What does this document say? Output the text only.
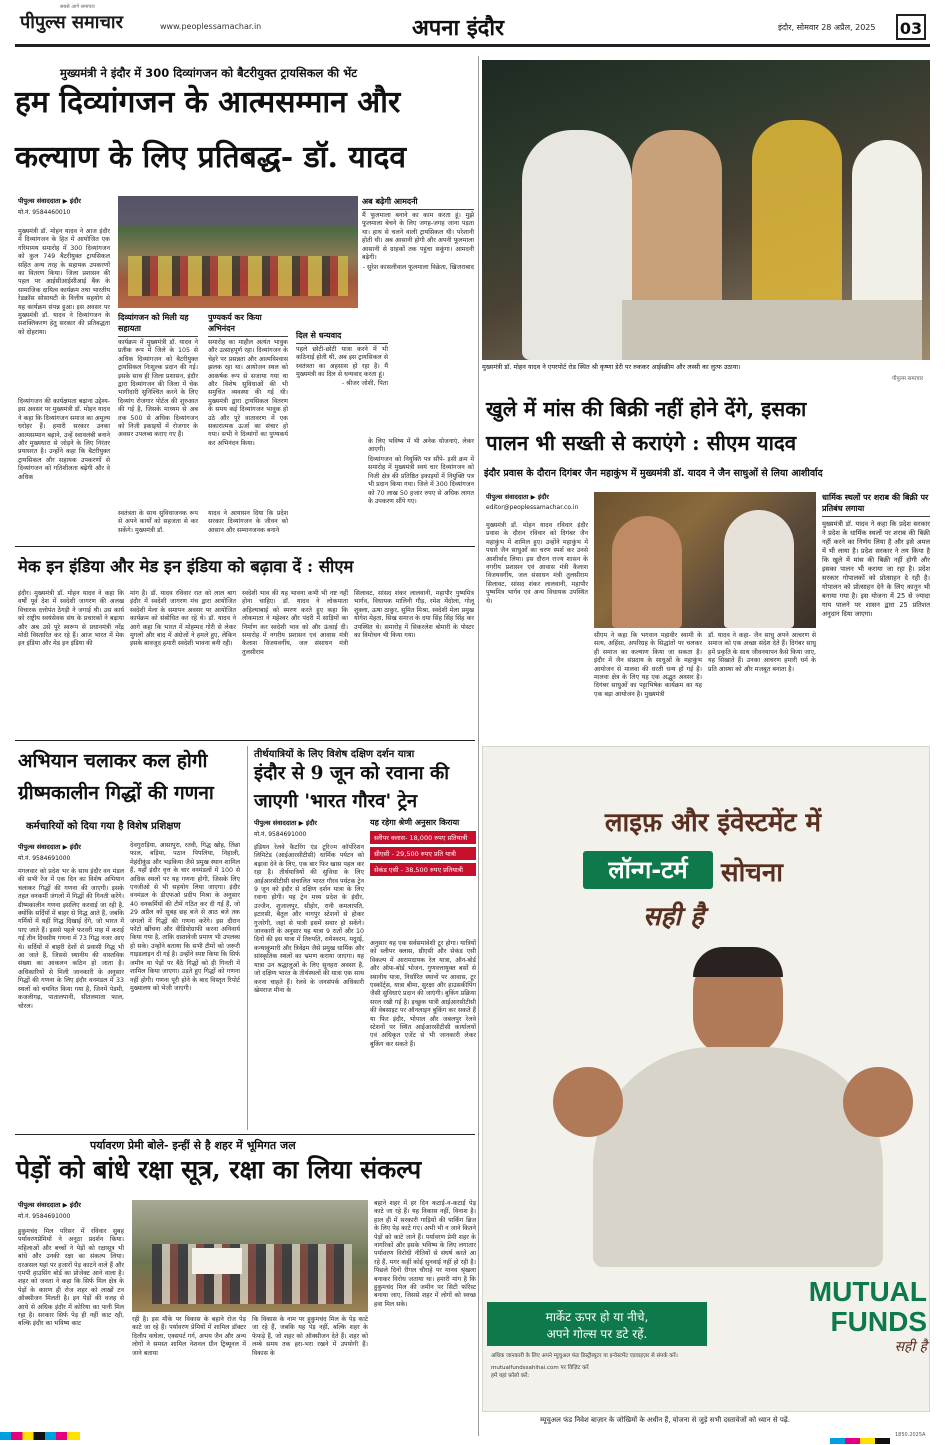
सबसे आगे समाचार
पीपुल्स समाचार	www.peoplessamachar.in	अपना इंदौर	इंदौर, सोमवार 28 अप्रैल, 2025 03
मुख्यमंत्री ने इंदौर में 300 दिव्यांगजन को बैटरीयुक्त ट्रायसिकल की भेंट
हम दिव्यांगजन के आत्मसम्मान और
कल्याण के लिए प्रतिबद्ध- डॉ. यादव
पीपुल्स संवाददाता ▶ इंदौर
मो.नं. 9584460010
मुख्यमंत्री डॉ. मोहन यादव ने आज इंदौर में दिव्यांगजन के हित में आयोजित एक गरिमामय समारोह में 300 दिव्यांगजन को कुल 749 बैटरीयुक्त ट्रायसिकल सहित अन्य तरह के सहायक उपकरणों का वितरण किया। जिला प्रशासन की पहल पर आईसीआईसीआई बैंक के सामाजिक दायित्व कार्यक्रम तथा भारतीय रेडक्रॉस सोसायटी के वित्तीय सहयोग से यह कार्यक्रम संपन्न हुआ। इस अवसर पर मुख्यमंत्री डॉ. यादव ने दिव्यांगजन के सशक्तिकरण हेतु सरकार की प्रतिबद्धता को दोहराया।
दिव्यांगजन की कार्यक्षमता बढ़ाना उद्देश्य- इस अवसर पर मुख्यमंत्री डॉ. मोहन यादव ने कहा कि दिव्यांगजन समाज का अमूल्य धरोहर हैं। हमारी सरकार उनका आत्मसम्मान बढ़ाने, उन्हें स्वावलंबी बनाने और मुख्यधारा से जोड़ने के लिए निरंतर प्रयासरत है। उन्होंने कहा कि बैटरीयुक्त ट्रायसिकल और सहायक उपकरणों से दिव्यांगजन को गतिशीलता बढ़ेगी और वे अधिक
अब बढ़ेगी आमदनी
मैं फूलमाला बनाने का काम करता हूं। मुझे फूलमाला बेचने के लिए जगह-जगह जाना पड़ता था। हाथ से चलने वाली ट्रायसिकल थी। परेशानी होती थी। अब आसानी होगी और अपनी फूलमाला आसानी से ग्राहकों तक पहुंचा सकूंगा। आमदनी बढ़ेगी।
- सुरेश कासलीवाल फूलमाला विक्रेता, खिजराबाद
दिव्यांगजन को मिली यह सहायता
कार्यक्रम में मुख्यमंत्री डॉ. यादव ने प्रतीक रूप में जिले के 105 से अधिक दिव्यांगजन को बैटरीयुक्त ट्रायसिकल निःशुल्क प्रदान की गई। इसके साथ ही जिला प्रशासन, इंदौर द्वारा दिव्यांगजन की जिला में चेक भागीदारी सुनिश्चित करने के लिए दिव्यांग रोजगार पोर्टल की शुरुआत की गई है, जिसके माध्यम से अब तक 500 से अधिक दिव्यांगजन को निजी इकाइयों में रोजगार के अवसर उपलब्ध कराए गए हैं।
स्वतंत्रता के साथ सुविधाजनक रूप से अपने कार्यों को सहजता से कर सकेंगे। मुख्यमंत्री डॉ.
पुण्यकर्य कर किया अभिनंदन
समारोह का माहौल अत्यंत भावुक और उत्साहपूर्ण रहा। दिव्यांगजन के चेहरे पर प्रसन्नता और आत्मविश्वास झलक रहा था। आयोजन स्थल को आकर्षक रूप से सजाया गया था और विशेष सुविधाओं की भी समुचित व्यवस्था की गई थी। मुख्यमंत्री द्वारा ट्रायसिकल वितरण के समय कई दिव्यांगजन भावुक हो उठे और पूरे वातावरण में एक सकारात्मक ऊर्जा का संचार हो गया। सभी ने दिव्यांगों का पुण्यकर्य कर अभिनंदन किया।
यादव ने आयासन दिया कि प्रदेश सरकार दिव्यांगजन के जीवन को आसान और सम्मानजनक बनाने
दिल से धन्यवाद
पहले छोटी-छोटी यात्रा करने में भी कठिनाई होती थी, अब इस ट्रायसिकल से स्वतंत्रता का अहसास हो रहा है। मैं मुख्यमंत्री का दिल से धन्यवाद करता हूं।
- श्रीजर जोशी, पिता
के लिए भविष्य में भी अनेक योजनाएं, लेकर आएगी।
दिव्यांगजन को नियुक्ति पत्र सौंपे- इसी क्रम में समारोह में मुख्यमंत्री स्वयं चार दिव्यांगजन को निजी क्षेत्र की प्रतिष्ठित इकाइयों में नियुक्ति पत्र भी प्रदान किया गया। जिले में 300 दिव्यांगजन को 70 लाख 50 हजार रुपए से अधिक लागत के उपकरण सौंपे गए।
मुख्यमंत्री डॉ. मोहन यादव ने एयरपोर्ट रोड स्थित श्री कृष्णा डेरी पर रुककर आईस्क्रीम और लस्सी का लुत्फ उठाया।
पीपुल्स समाचार
खुले में मांस की बिक्री नहीं होने देंगे, इसका
पालन भी सख्ती से कराएंगे : सीएम यादव
इंदौर प्रवास के दौरान दिगंबर जैन महाकुंभ में मुख्यमंत्री डॉ. यादव ने जैन साधुओं से लिया आशीर्वाद
पीपुल्स संवाददाता ▶ इंदौर
editor@peoplessamachar.co.in
मुख्यमंत्री डॉ. मोहन यादव रविवार इंदौर प्रवास के दौरान रविवार को दिगंबर जैन महाकुंभ में शामिल हुए। उन्होंने महाकुंभ में पधारे जैन साधुओं का चरण स्पर्श कर उनसे आशीर्वाद लिया। इस दौरान राज्य शासन के नगरीय प्रशासन एवं आवास मंत्री कैलाश विजयवर्गीय, जल संसाधन मंत्री तुलसीराम सिलावट, सांसद शंकर लालवानी, महापौर पुष्यमित्र भार्गव एवं अन्य विधायक उपस्थित थे।
सीएम ने कहा कि भगवान महावीर स्वामी के सत्य, अहिंसा, अपरिग्रह के सिद्धांतों पर चलकर ही समाज का कल्याण किया जा सकता है। इंदौर में जैन संप्रदाय के साधुओं के महाकुंभ आयोजन से मालवा की धरती धन्य हो गई है। मालवा क्षेत्र के लिए यह एक अद्भुत अवसर है। दिगंबर साधुओं का पट्टाभिषेक कार्यक्रम का यह एक बड़ा आयोजन है। मुख्यमंत्री
डॉ. यादव ने कहा- जैन साधु अपने आचरण से समाज को एक अच्छा संदेश देते हैं। दिगंबर साधु हमें प्रकृति के साथ जीवनयापन कैसे किया जाए, यह सिखाते हैं। उनका आचरण हमारी धर्म के प्रति आस्था को और मजबूत बनाता है।
धार्मिक स्थलों पर शराब की बिक्री पर प्रतिबंध लगाया
मुख्यमंत्री डॉ. यादव ने कहा कि प्रदेश सरकार ने प्रदेश के धार्मिक स्थलों पर शराब की बिक्री नहीं करने का निर्णय लिया है और इसे अमल में भी लाया है। प्रदेश सरकार ने तय किया है कि खुले में मांस की बिक्री नहीं होगी और इसका पालन भी कराया जा रहा है। प्रदेश सरकार गोपालकों को प्रोत्साहन दे रही है। गोपालन को प्रोत्साहन देने के लिए कानून भी बनाया गया है। इस योजना में 25 से ज्यादा गाय पालने पर शासन द्वारा 25 प्रतिशत अनुदान दिया जाएगा।
मेक इन इंडिया और मेड इन इंडिया को बढ़ावा दें : सीएम
इंदौर। मुख्यमंत्री डॉ. मोहन यादव ने कहा कि वर्षों पूर्व देश में स्वदेशी जागरण की अलख विचारक दत्तोपंत ठेंगड़ी ने जगाई थी। उस कार्य को राष्ट्रीय स्वयंसेवक संघ के प्रचारकों ने बढ़ाया और अब उसे पूरे स्वरूप से प्रधानमंत्री नरेंद्र मोदी विस्तारित कर रहे हैं। आज भारत में मेक इन इंडिया और मेड इन इंडिया की
मांग है। डॉ. यादव रविवार रात को लाल बाग इंदौर में स्वदेशी जागरण मंच द्वारा आयोजित स्वदेशी मेला के समापन अवसर पर आयोजित कार्यक्रम को संबोधित कर रहे थे। डॉ. यादव ने आगे कहा कि भारत में मोहम्मद गोरी से लेकर मुगलों और बाद में अंग्रेजों ने हमले हुए, लेकिन इसके बावजूद हमारी स्वदेशी भावना बनी रही।
स्वदेशी भाव की यह भावना कभी भी नष्ट नहीं होना चाहिए। डॉ. यादव ने लोकमाता अहिल्याबाई को स्मरण करते हुए कहा कि लोकमाता ने महेश्वर और पंदरी में साड़ियों का निर्माण कर स्वदेशी भाव को और ऊंचाई दी। समारोह में नगरीय प्रशासन एवं आवास मंत्री कैलाश विजयवर्गीय, जल संसाधन मंत्री तुलसीराम
सिलावट, सांसद शंकर लालवानी, महापौर पुष्यमित्र भार्गव, विधायक मालिनी गौड़, रमेश मेंदोला, गोलू शुक्ला, ऊषा ठाकुर, सुमित मिश्रा, स्वदेशी मेला प्रमुख योगेश मेहता, सिख समाज के दया सिंह सिंह सिंह कर उपस्थित थे। समारोह में सिकरलेश बोमारी के पोस्टर का विमोचन भी किया गया।
अभियान चलाकर कल होगी
ग्रीष्मकालीन गिद्धों की गणना
कर्मचारियों को दिया गया है विशेष प्रशिक्षण
पीपुल्स संवाददाता ▶ इंदौर
मो.नं. 9584691000
मंगलवार को प्रदेश भर के साथ इंदौर वन मंडल की सभी रेंज में एक दिन का विशेष अभियान चलाकर गिद्धों की गणना की जाएगी। इसके तहत वनकर्मी जंगलों में गिद्धों की गिनती करेंगे। ग्रीष्मकालीन गणना इसलिए करवाई जा रही है, क्योंकि सर्दियों में बाहर से गिद्ध आते हैं, जबकि गर्मियों में यहीं गिद्ध दिखाई देंगे, जो भारत में पाए जाते हैं। इससे पहले फरवरी माह में कराई गई तीन दिवसीय गणना में 73 गिद्ध नजर आए थे। सर्दियों में बाहरी देशों से प्रवासी गिद्ध भी आ जाते हैं, जिससे स्थानीय की वास्तविक संख्या का आकलन कठिन हो जाता है। अधिकारियों से मिली जानकारी के अनुसार गिद्धों की गणना के लिए इंदौर वनमंडल में 33 स्थलों को चयनित किया गया है, जिनमें पेडमी, कजलीगढ़, पातालपानी, सीतलमाता फाल, चोरल।
देवगुराड़िया, आसापुरा, रतवी, गिद्ध खोह, तिंछा फाल, बड़िया, पठान पिपलिया, निहाली, मेहंदीकुंड और भड़किया जैसे प्रमुख स्थान शामिल हैं, यहाँ इंदौर वृत्त के चार वनमंडलों में 100 से अधिक स्थलों पर यह गणना होगी, जिसके लिए एनजीओ से भी सहयोग लिया जाएगा। इंदौर वनमंडल के डीएफओ प्रदीप मिश्रा के अनुसार 40 वनकर्मियों की टीमें गठित कर दी गई हैं, जो 29 अप्रैल को सुबह छह बजे से आठ बजे तक जंगलों में गिद्धों की गणना करेंगे। इस दौरान फोटो खींचना और वीडियोग्राफी करना अनिवार्य किया गया है, ताकि दस्तावेजी प्रमाण भी उपलब्ध हो सके। उन्होंने बताया कि सभी टीमों को जरूरी गाइडलाइन दी गई है। उन्होंने स्पष्ट किया कि सिर्फ जमीन या पेड़ों पर बैठे गिद्धों को ही गिनती में शामिल किया जाएगा। उड़ते हुए गिद्धों को गणना नहीं होगी। गणना पूरी होने के बाद विस्तृत रिपोर्ट मुख्यालय को भेजी जाएगी।
तीर्थयात्रियों के लिए विशेष दक्षिण दर्शन यात्रा
इंदौर से 9 जून को रवाना की
जाएगी 'भारत गौरव' ट्रेन
पीपुल्स संवाददाता ▶ इंदौर
मो.नं. 9584691000
यह रहेगा श्रेणी अनुसार किराया
स्लीपर क्लास- 18,000 रुपए प्रतियात्री
थ्रीएसी - 29,500 रुपए प्रति यात्री
सेकंड एसी - 38,500 रुपए प्रतियात्री
इंडियन रेलवे कैटरिंग एंड टूरिज्म कॉर्पोरेशन लिमिटेड (आईआरसीटीसी) धार्मिक पर्यटन को बढ़ावा देने के लिए, एक बार फिर खास पहल कर रहा है। तीर्थयात्रियों की सुविधा के लिए आईआरसीटीसी संचालित भारत गौरव पर्यटक ट्रेन 9 जून को इंदौर से दक्षिण दर्शन यात्रा के लिए रवाना होगी। यह ट्रेन मध्य प्रदेश के इंदौर, उज्जैन, शुजालपुर, सीहोर, रानी कमलापति, इटारसी, बैतूल और नागपुर स्टेशनों से होकर गुजरेगी, जहां से यात्री इसमें सवार हो सकेंगे। जानकारी के अनुसार यह यात्रा 9 रातों और 10 दिनों की इस यात्रा में तिरुपति, रामेश्वरम, मदुरई, कन्याकुमारी और त्रिवेंद्रम जैसे प्रमुख धार्मिक और सांस्कृतिक स्थलों का भ्रमण कराया जाएगा। यह यात्रा उन श्रद्धालुओं के लिए सुनहरा अवसर है, जो दक्षिण भारत के तीर्थस्थलों की यात्रा एक साथ करना चाहते हैं। रेलवे के जनसंपर्क अधिकारी खेमराज मीना के
अनुसार यह एक सर्वसमावेशी टूर होगा। यात्रियों को स्लीपर क्लास, थ्रीएसी और सेकंड एसी विकल्प में आरामदायक रेल यात्रा, ऑन-बोर्ड और ऑफ-बोर्ड भोजन, गुणवत्तायुक्त बसों से स्थानीय यात्रा, निर्धारित स्थानों पर आवास, टूर एस्कॉर्ट्स, यात्रा बीमा, सुरक्षा और हाउसकीपिंग जैसी सुविधाएं प्रदान की जाएंगी। बुकिंग प्रक्रिया सरल रखी गई है। इच्छुक यात्री आईआरसीटीसी की वेबसाइट पर ऑनलाइन बुकिंग कर सकते हैं या फिर इंदौर, भोपाल और जबलपुर रेलवे स्टेशनों पर स्थित आईआरसीटीसी कार्यालयों एवं अधिकृत एजेंट से भी जानकारी लेकर बुकिंग कर सकते हैं।
पर्यावरण प्रेमी बोले- इन्हीं से है शहर में भूमिगत जल
पेड़ों को बांधे रक्षा सूत्र, रक्षा का लिया संकल्प
पीपुल्स संवाददाता ▶ इंदौर
मो.नं. 9584691000
हुकुमचंद मिल परिसर में रविवार सुबह पर्यावरणप्रेमियों ने अनूठा प्रदर्शन किया। महिलाओं और बच्चों ने पेड़ों को रक्षासूत्र भी बांधे और उनकी रक्षा का संकल्प लिया। दरअसल यहां पर हजारों पेड़ काटने वाले हैं और एमपी हाउसिंग बोर्ड का प्रोजेक्ट आने वाला है। शहर को जनता ने कहा कि सिर्फ मिल क्षेत्र के पेड़ों के कारण ही रोज शहर को लाखों टन ऑक्सीजन मिलती है। इन पेड़ों की वजह से आधे से अधिक इंदौर में कोरिया का पानी मिल रहा है। सरकार सिर्फ पेड़ ही नहीं काट रही, बल्कि इंदौर का भविष्य काट
रही है। इस मौके पर विकास के बहाने रोज पेड़ काटे जा रहे हैं। पर्यावरण प्रेमियों में शामिल डॉक्टर दिलीप वाघेला, एक्सपर्ट गर्ग, अभय जैन और अन्य लोगों ने समस्त शामिल नेशनल ग्रीन ट्रिब्यूनल में जाने बताया
कि विकास के नाम पर हुकुमचंद मिल के पेड़ काटे जा रहे हैं, जबकि यह पेड़ नहीं, बल्कि शहर के फेफड़े हैं, जो शहर को ऑक्सीजन देते हैं। शहर को लम्बे समय तक हरा-भरा रखने में उपयोगी हैं। विकास के
बहाने शहर में हर दिन कटाई-न-कटाई पेड़ काटे जा रहे हैं। यह विकास नहीं, विनाश है। हाल ही में सरकारी गाड़ियों की पार्किंग ब्रिज के लिए पेड़ काटे गए। अभी भी न जाने कितने पेड़ों को काटे जाने हैं। पर्यावरण प्रेमी शहर के नागरिकों और इसके भविष्य के लिए लगातार पर्यावरण विरोधी नीतियों से संघर्ष करते आ रहे हैं, मगर कहीं कोई सुनवाई नहीं हो रही है। पिछले दिनों रीगल चौराहे पर मानव श्रृंखला बनाकर विरोध जताया था। हमारी मांग है कि हुकुमचंद मिल की जमीन पर सिटी फॉरेस्ट बनाया जाए, जिससे शहर में लोगों को स्वच्छ हवा मिल सके।
लाइफ़ और इंवेस्टमेंट में
लॉन्ग-टर्म	सोचना
सही है
मार्केट ऊपर हो या नीचे,
अपने गोल्स पर डटे रहें.
अधिक जानकारी के लिए अपने म्युचुअल फंड डिस्ट्रीब्यूटर या इन्वेस्टमेंट एडवाइज़र से संपर्क करें।
mutualfundssahihai.com पर विज़िट करें
हमें यहां फ़ॉलो करें:
MUTUAL
FUNDS
सही है
म्यूचुअल फंड निवेश बाज़ार के जोखिमों के अधीन हैं, योजना से जुड़े सभी दस्तावेजों को ध्यान से पढ़ें.
1850.2025A
